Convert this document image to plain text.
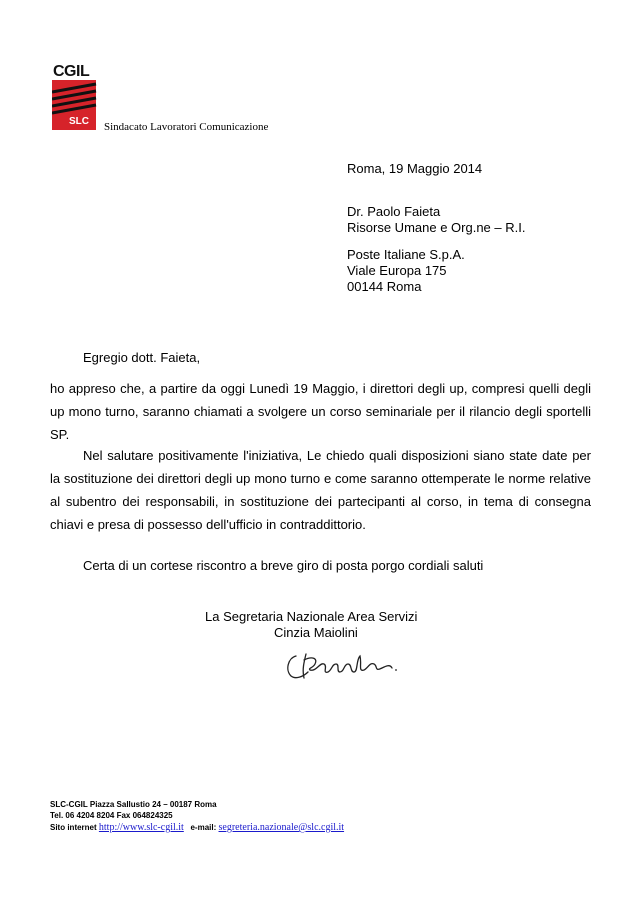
CGIL
SLC Sindacato Lavoratori Comunicazione
Roma, 19 Maggio 2014
Dr. Paolo Faieta
Risorse Umane e Org.ne – R.I.
Poste Italiane S.p.A.
Viale Europa 175
00144 Roma
Egregio dott. Faieta,
ho appreso che, a partire da oggi Lunedì 19 Maggio, i direttori degli up, compresi quelli degli up mono turno, saranno chiamati a svolgere un corso seminariale per il rilancio degli sportelli SP.
Nel salutare positivamente l'iniziativa, Le chiedo quali disposizioni siano state date per la sostituzione dei direttori degli up mono turno e come saranno ottemperate le norme relative al subentro dei responsabili, in sostituzione dei partecipanti al corso, in tema di consegna chiavi e presa di possesso dell'ufficio in contraddittorio.
Certa di un cortese riscontro a breve giro di posta porgo cordiali saluti
La Segretaria Nazionale Area Servizi
Cinzia Maiolini
SLC-CGIL Piazza Sallustio 24 – 00187 Roma
Tel. 06 4204 8204 Fax 064824325
Sito internet http://www.slc-cgil.it e-mail: segreteria.nazionale@slc.cgil.it
